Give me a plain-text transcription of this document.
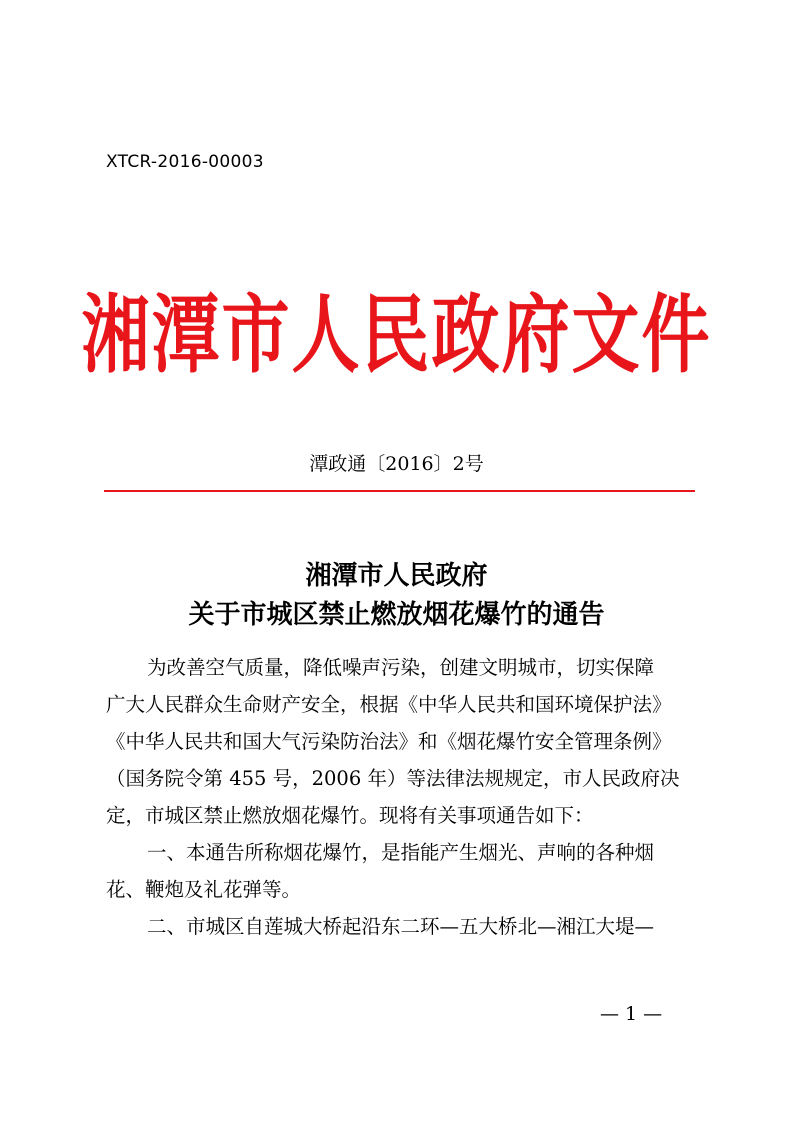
XTCR-2016-00003
湘潭市人民政府文件
潭政通〔2016〕2号
湘潭市人民政府
关于市城区禁止燃放烟花爆竹的通告
为改善空气质量，降低噪声污染，创建文明城市，切实保障
广大人民群众生命财产安全，根据《中华人民共和国环境保护法》
《中华人民共和国大气污染防治法》和《烟花爆竹安全管理条例》
（国务院令第 455 号，2006 年）等法律法规规定，市人民政府决
定，市城区禁止燃放烟花爆竹。现将有关事项通告如下：
一、本通告所称烟花爆竹，是指能产生烟光、声响的各种烟
花、鞭炮及礼花弹等。
二、市城区自莲城大桥起沿东二环—五大桥北—湘江大堤—
— 1 —
